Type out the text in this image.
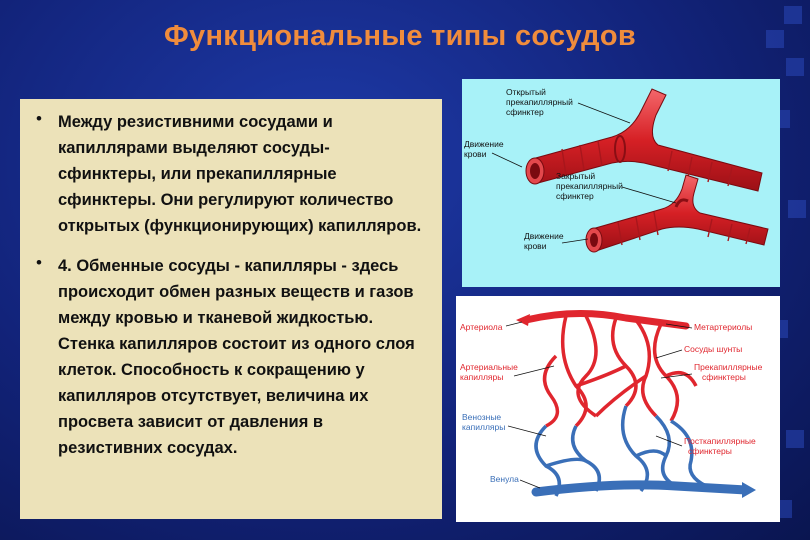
Функциональные типы сосудов
• Между резистивними сосудами и капиллярами выделяют сосуды-сфинктеры, или прекапиллярные сфинктеры. Они регулируют количество открытых (функционирующих) капилляров.
• 4. Обменные сосуды - капилляры - здесь происходит обмен разных веществ и газов между кровью и тканевой жидкостью. Стенка капилляров состоит из одного слоя клеток. Способность к сокращению у капилляров отсутствует, величина их просвета зависит от давления в резистивних сосудах.
Открытый
прекапиллярный
сфинктер
Движение
крови
Закрытый
прекапиллярный
сфинктер
Движение
крови
Артериола	Метартериолы
Сосуды шунты
Артериальные
капилляры
Прекапиллярные
сфинктеры
Венозные
капилляры
Посткапиллярные
сфинктеры
Венула
